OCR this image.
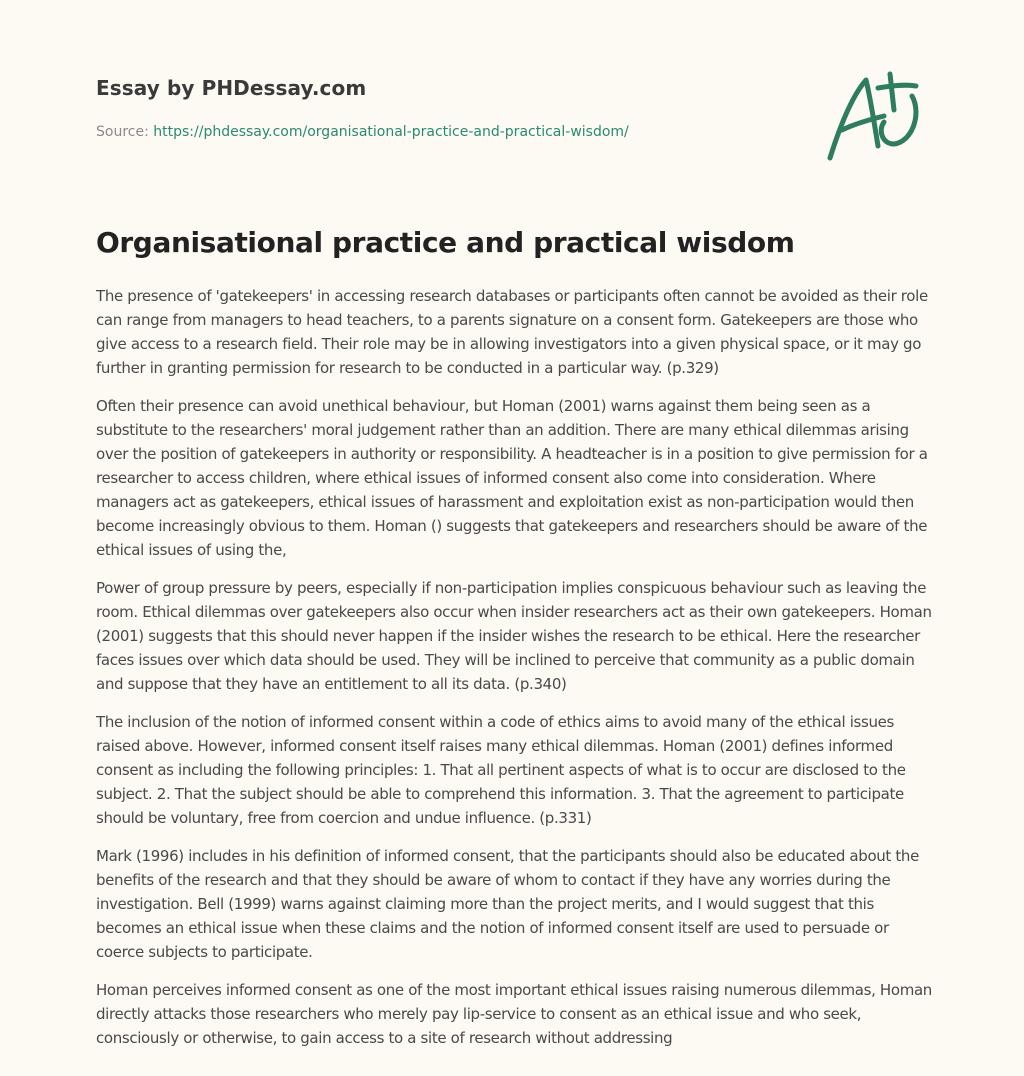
Essay by PHDessay.com
Source: https://phdessay.com/organisational-practice-and-practical-wisdom/
Organisational practice and practical wisdom

The presence of 'gatekeepers' in accessing research databases or participants often cannot be avoided as their role can range from managers to head teachers, to a parents signature on a consent form. Gatekeepers are those who give access to a research field. Their role may be in allowing investigators into a given physical space, or it may go further in granting permission for research to be conducted in a particular way. (p.329)

Often their presence can avoid unethical behaviour, but Homan (2001) warns against them being seen as a substitute to the researchers' moral judgement rather than an addition. There are many ethical dilemmas arising over the position of gatekeepers in authority or responsibility. A headteacher is in a position to give permission for a researcher to access children, where ethical issues of informed consent also come into consideration. Where managers act as gatekeepers, ethical issues of harassment and exploitation exist as non-participation would then become increasingly obvious to them. Homan () suggests that gatekeepers and researchers should be aware of the ethical issues of using the,

Power of group pressure by peers, especially if non-participation implies conspicuous behaviour such as leaving the room. Ethical dilemmas over gatekeepers also occur when insider researchers act as their own gatekeepers. Homan (2001) suggests that this should never happen if the insider wishes the research to be ethical. Here the researcher faces issues over which data should be used. They will be inclined to perceive that community as a public domain and suppose that they have an entitlement to all its data. (p.340)

The inclusion of the notion of informed consent within a code of ethics aims to avoid many of the ethical issues raised above. However, informed consent itself raises many ethical dilemmas. Homan (2001) defines informed consent as including the following principles: 1. That all pertinent aspects of what is to occur are disclosed to the subject. 2. That the subject should be able to comprehend this information. 3. That the agreement to participate should be voluntary, free from coercion and undue influence. (p.331)

Mark (1996) includes in his definition of informed consent, that the participants should also be educated about the benefits of the research and that they should be aware of whom to contact if they have any worries during the investigation. Bell (1999) warns against claiming more than the project merits, and I would suggest that this becomes an ethical issue when these claims and the notion of informed consent itself are used to persuade or coerce subjects to participate.

Homan perceives informed consent as one of the most important ethical issues raising numerous dilemmas, Homan directly attacks those researchers who merely pay lip-service to consent as an ethical issue and who seek, consciously or otherwise, to gain access to a site of research without addressing
